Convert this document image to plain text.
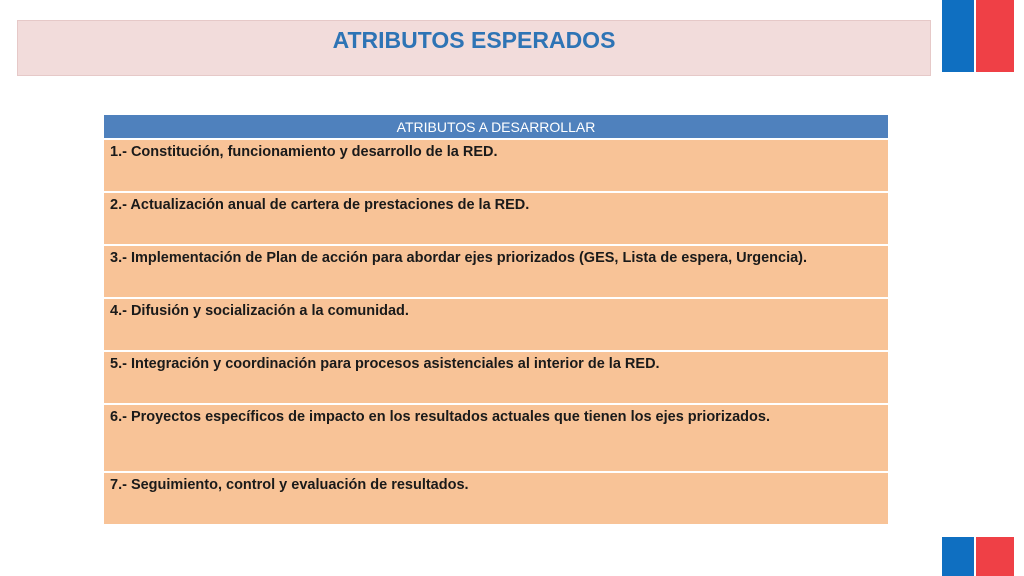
ATRIBUTOS ESPERADOS
ATRIBUTOS A DESARROLLAR
1.- Constitución, funcionamiento y desarrollo de la RED.
2.- Actualización anual de cartera de prestaciones de la RED.
3.- Implementación de Plan de acción para abordar ejes priorizados (GES, Lista de espera, Urgencia).
4.- Difusión y socialización a la comunidad.
5.- Integración y coordinación para procesos asistenciales al interior de la RED.
6.- Proyectos específicos de impacto en los resultados actuales que tienen los ejes priorizados.
7.- Seguimiento, control y evaluación de resultados.
